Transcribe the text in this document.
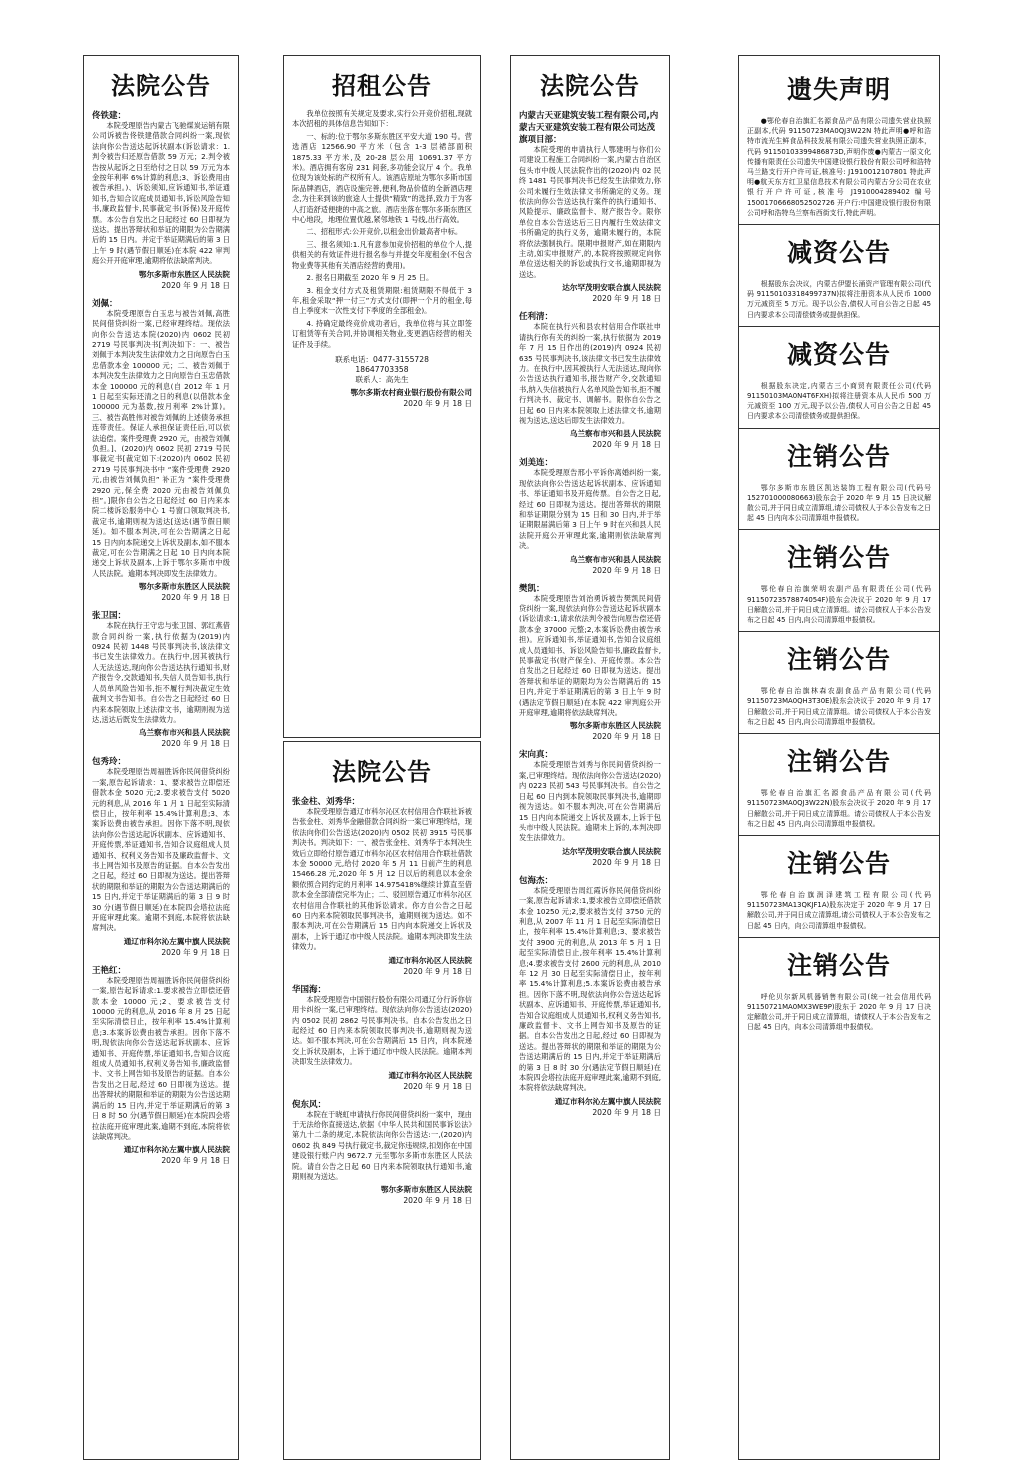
法院公告
佟铁建：
本院受理原告内蒙古飞驰煤炭运销有限公司诉被告佟铁建借款合同纠纷一案,现依法向你公告送达起诉状副本(诉讼请求：1.判令被告归还原告借款 59 万元；2.判令被告按从起诉之日至给付之日以 59 万元为本金按年利率 6%计算的利息;3、诉讼费用由被告承担。)、诉讼须知,应诉通知书,举证通知书,告知合议庭成员通知书,诉讼风险告知书,廉政监督卡,民事裁定书(诉保)及开庭传票。本公告自发出之日起经过 60 日即视为送达。提出答辩状和举证的期限为公告期满后的 15 日内。并定于举证期满后的第 3 日上午 9 时(遇节假日顺延)在本院 422 审判庭公开开庭审理,逾期将依法缺席判决。
鄂尔多斯市东胜区人民法院
2020 年 9 月 18 日
刘佩：
本院受理原告白玉忠与被告刘佩,高胜民间借贷纠纷一案,已经审理终结。现依法向你公告送达本院(2020)内 0602 民初 2719 号民事判决书[判决如下：一、被告刘佩于本判决发生法律效力之日向原告白玉忠借款本金 100000 元；二、被告刘佩于本判决发生法律效力之日向原告白玉忠借款本金 100000 元的利息(自 2012 年 1 月 1 日起至实际还清之日的利息(以借款本金 100000 元为基数,按月利率 2%计算)。三、被告高胜伟对被告刘佩的上述债务承担连带责任。保证人承担保证责任后,可以依法追偿。案件受理费 2920 元，由被告刘佩负担。]、(2020)内 0602 民初 2719 号民事裁定书[裁定如下:(2020)内 0602 民初 2719 号民事判决书中 “案件受理费 2920 元,由被告刘佩负担” 补正为 “案件受理费 2920 元,保全费 2020 元由被告刘佩负担”。]限你自公告之日起经过 60 日内来本院二楼诉讼服务中心 1 号窗口领取判决书,裁定书,逾期则视为送达[送达(遇节假日顺延)。如不服本判决,可在公告期满之日起 15 日内向本院递交上诉状及副本,如不服本裁定,可在公告期满之日起 10 日内向本院递交上诉状及副本,上诉于鄂尔多斯市中级人民法院。逾期本判决即发生法律效力。
鄂尔多斯市东胜区人民法院
2020 年 9 月 18 日
张卫国：
本院在执行王守忠与张卫国、郭红燕借款合同纠纷一案,执行依据为(2019)内 0924 民初 1448 号民事判决书,该法律文书已发生法律效力。在执行中,因其被执行人无法送达,现向你公告送达执行通知书,财产报告令,交款通知书,失信人员告知书,执行人员单风险告知书,拒不履行判决裁定生效裁判文书告知书。自公告之日起经过 60 日内来本院领取上述法律文书，逾期则视为送达,送达后既发生法律效力。
乌兰察布市兴和县人民法院
2020 年 9 月 18 日
包秀玲：
本院受理原告周福胜诉你民间借贷纠纷一案,原告起诉请求：1、要求被告立即偿还借款本金 5020 元;2.要求被告支付 5020 元的利息,从 2016 年 1 月 1 日起至实际清偿日止，按年利率 15.4%计算利息;3、本案诉讼费由被告承担。因你下落不明,现依法向你公告送达起诉状副本、应诉通知书、开庭传票,举证通知书,告知合议庭组成人员通知书、权利义务告知书及廉政监督卡、文书上网告知书及原告的证据。自本公告发出之日起，经过 60 日即视为送达。提出答辩状的期限和举证的期限为公告送达期满后的 15 日内,并定于举证期满后的第 3 日 9 时 30 分(遇节假日顺延)在本院四会塔拉法庭开庭审理此案。逾期不到庭,本院将依法缺席判决。
通辽市科尔沁左翼中旗人民法院
2020 年 9 月 18 日
王艳红：
本院受理原告周福胜诉你民间借贷纠纷一案,原告起诉请求:1.要求被告立即偿还借款本金 10000 元;2、要求被告支付 10000 元的利息,从 2016 年 8 月 25 日起至实际清偿日止，按年利率 15.4%计算利息;3.本案诉讼费由被告承担。因你下落不明,现依法向你公告送达起诉状副本、应诉通知书、开庭传票,举证通知书,告知合议庭组成人员通知书,权利义务告知书,廉政监督卡、文书上网告知书及原告的证据。自本公告发出之日起,经过 60 日即视为送达。提出答辩状的期限和举证的期限为公告送达期满后的 15 日内,并定于举证期满后的第 3 日 8 时 50 分(遇节假日顺延)在本院四会塔拉法庭开庭审理此案,逾期不到庭,本院将依法缺席判决。
通辽市科尔沁左翼中旗人民法院
2020 年 9 月 18 日
招租公告

我单位按照有关规定及要求,实行公开竞价招租,现就本次招租的具体信息告知如下：

一、标的:位于鄂尔多斯东胜区平安大道 190 号。营选酒店 12566.90 平方米（包含 1-3 层裙部面积 1875.33 平方米,及 20-28 层公用 10691.37 平方米)。酒店拥有客房 231 间套,多功能会议厅 4 个。我单位现为该处标的产权所有人。该酒店原址为鄂尔多斯市国际品牌酒店，酒店设施完善,便利,物品价值的全新酒店理念,为往来到该的旅途人士提供“精致”的选择,致力于为客人打造舒适便捷的中高之旅。酒店坐落在鄂尔多斯东胜区中心地段，地理位置优越,紧邻地铁 1 号线,出行高效。

二、招租形式:公开竞价,以租金出价最高者中标。

三、报名须知:1.凡有意参加竞价招租的单位个人,提供相关的有效证件进行报名参与并提交年度租金(不包含物业费等其他有关酒店经营的费用)。

2. 报名日期截至 2020 年 9 月 25 日。

3. 租金支付方式及租赁期限:租赁期限不得低于 3 年,租金采取“押一付三”方式支付(即押一个月的租金,每自上季度末一次性支付下季度的全部租金)。

4. 持确定最终竞价成功者后，我单位将与其立即签订租赁等有关合同,并协调相关物业,变更酒店经营的相关证件及手续。

联系电话：0477-3155728
18647703358
联系人：高先生
鄂尔多斯农村商业银行股份有限公司
2020 年 9 月 18 日
法院公告
张金柱、刘秀华：
本院受理原告通辽市科尔沁区农村信用合作联社诉被告张金柱、刘秀华金融借款合同纠纷一案已审理终结，现依法向你们公告送达(2020)内 0502 民初 3915 号民事判决书。判决如下：一、被告张金柱、刘秀华于本判决生效后立即给付原告通辽市科尔沁区农村信用合作联社借款本金 50000 元,给付 2020 年 5 月 11 日前产生的利息 15466.28 元,2020 年 5 月 12 日以后的利息以本金余额依照合同约定的月利率 14.975418%继续计算直至借款本金全部清偿完毕为止；二、驳回原告通辽市科尔沁区农村信用合作联社的其他诉讼请求。你方自公告之日起 60 日内来本院领取民事判决书，逾期则视为送达。如不服本判决,可在公告期满后 15 日内向本院递交上诉状及副本，上诉于通辽市中级人民法院。逾期本判决即发生法律效力。
通辽市科尔沁区人民法院
2020 年 9 月 18 日
华国海：
本院受理原告中国银行股份有限公司通辽分行诉你信用卡纠纷一案,已审理终结。现依法向你公告送达(2020)内 0502 民初 2862 号民事判决书。自本公告发出之日起经过 60 日内来本院领取民事判决书,逾期则视为送达。如不服本判决,可在公告期满后 15 日内，向本院递交上诉状及副本，上诉于通辽市中级人民法院。逾期本判决即发生法律效力。
通辽市科尔沁区人民法院
2020 年 9 月 18 日
倪东风：
本院在于晓虹申请执行你民间借贷纠纷一案中，现由于无法给你直接送达,依据《中华人民共和国民事诉讼法》第九十二条的规定,本院依法向你公告送达:一,(2020)内 0602 执 849 号执行裁定书,裁定你违规续,扣划你在中国建设银行账户内 9672.7 元至鄂尔多斯市东胜区人民法院。请自公告之日起 60 日内来本院领取执行通知书,逾期则视为送达。
鄂尔多斯市东胜区人民法院
2020 年 9 月 18 日
法院公告
内蒙古天亚建筑安装工程有限公司,内蒙古天亚建筑安装工程有限公司达茂旗项目部：
本院受理的申请执行人鄂建明与你们公司建设工程施工合同纠纷一案,内蒙古自治区包头市中级人民法院作出的(2020)内 02 民终 1481 号民事判决书已经发生法律效力,你公司未履行生效法律文书所确定的义务。现依法向你公告送达执行案件的执行通知书、风险提示、廉政监督卡、财产报告令。限你单位自本公告送达后三日内履行生效法律文书所确定的执行义务，逾期未履行的，本院将依法强制执行。限期申报财产,如在期限内主动,如实申报财产,的,本院将按照规定向你单位送达相关的诉讼或执行文书,逾期即视为送达。
达尔罕茂明安联合旗人民法院
2020 年 9 月 18 日
任利清：
本院在执行兴和县农村信用合作联社申请执行你有关的纠纷一案,执行依据为 2019 年 7 月 15 日作出的(2019)内 0924 民初 635 号民事判决书,该法律文书已发生法律效力。在执行中,因其被执行人无法送达,现向你公告送达执行通知书,报告财产令,交款通知书,纳入失信被执行人名单风险告知书,拒不履行判决书、裁定书、调解书。限你自公告之日起 60 日内来本院领取上述法律文书,逾期视为送达,送达后即发生法律效力。
乌兰察布市兴和县人民法院
2020 年 9 月 18 日
刘美连：
本院受理原告邢小平诉你离婚纠纷一案,现依法向你公告送达起诉状副本、应诉通知书、举证通知书及开庭传票。自公告之日起,经过 60 日即视为送达。提出答辩状的期限和举证期限分别为 15 日和 30 日内,并于举证期限届满后第 3 日上午 9 时在兴和县人民法院开庭公开审理此案,逾期则依法缺席判决。
乌兰察布市兴和县人民法院
2020 年 9 月 18 日
樊凯：
本院受理原告刘治勇诉被告樊凯民间借贷纠纷一案,现依法向你公告送达起诉状副本(诉讼请求:1,请求依法判令被告向原告偿还借款本金 37000 元整;2,本案诉讼费由被告承担)。应诉通知书,举证通知书,告知合议庭组成人员通知书、诉讼风险告知书,廉政监督卡,民事裁定书(财产保全)、开庭传票。本公告自发出之日起经过 60 日即视为送达。提出答辩状和举证的期限均为公告期满后的 15 日内,并定于举证期满后的第 3 日上午 9 时(遇法定节假日顺延)在本院 422 审判庭公开开庭审理,逾期将依法缺席判决。
鄂尔多斯市东胜区人民法院
2020 年 9 月 18 日
宋向真：
本院受理原告刘秀与你民间借贷纠纷一案,已审理终结。现依法向你公告送达(2020)内 0223 民初 543 号民事判决书。自公告之日起 60 日内到本院领取民事判决书,逾期即视为送达。如不服本判决,可在公告期满后 15 日内向本院递交上诉状及副本,上诉于包头市中级人民法院。逾期未上诉的,本判决即发生法律效力。
达尔罕茂明安联合旗人民法院
2020 年 9 月 18 日
包海杰：
本院受理原告周红霞诉你民间借贷纠纷一案,原告起诉请求:1,要求被告立即偿还借款本金 10250 元;2,要求被告支付 3750 元的利息,从 2007 年 11 月 1 日起至实际清偿日止，按年利率 15.4%计算利息;3、要求被告支付 3900 元的利息,从 2013 年 5 月 1 日起至实际清偿日止,按年利率 15.4%计算利息;4.要求被告支付 2600 元的利息,从 2010 年 12 月 30 日起至实际清偿日止，按年利率 15.4%计算利息;5.本案诉讼费由被告承担。因你下落不明,现依法向你公告送达起诉状副本、应诉通知书、开庭传票,举证通知书,告知合议庭组成人员通知书,权利义务告知书,廉政监督卡、文书上网告知书及原告的证据。自本公告发出之日起,经过 60 日即视为送达。提出答辩状的期限和举证的期限为公告送达期满后的 15 日内,并定于举证期满后的第 3 日 8 时 30 分(遇法定节假日顺延)在本院四会塔拉法庭开庭审理此案,逾期不到庭,本院将依法缺席判决。
通辽市科尔沁左翼中旗人民法院
2020 年 9 月 18 日
遗失声明
●鄂伦春自治旗汇名源食品产品有限公司遗失营业执照正副本,代码 91150723MA0QJ3W22N 特此声明●呼和浩特市流光生鲜食品科技发展有限公司遗失营业执照正副本，代码 91150103399486873D,声明作废●内蒙古一原文化传播有限责任公司遗失中国建设银行股份有限公司呼和浩特马兰路支行开户许可证,核准号: J1910012107801 特此声明●航天东方红卫星信息技术有限公司内蒙古分公司在农业银行开户许可证,核准号 J1910004289402 编号 15001706668052502726 开户行:中国建设银行股份有限公司呼和浩特乌兰察布西街支行,特此声明。
减资公告
根据股东会决议，内蒙古伊盟长涌资产管理有限公司(代码 91150103318499737N)拟将注册资本从人民币 1000 万元减资至 5 万元。现予以公告,债权人可自公告之日起 45 日内要求本公司清偿债务或提供担保。
减资公告
根据股东决定,内蒙古三小商贸有限责任公司(代码 91150103MA0N4T6FXH)拟将注册资本从人民币 500 万元减资至 100 万元,现予以公告,债权人可自公告之日起 45 日内要求本公司清偿债务或提供担保。
注销公告
鄂尔多斯市东胜区凯达装饰工程有限公司(代码号 152701000080663)股东会于 2020 年 9 月 15 日决议解散公司,并于同日成立清算组,请公司债权人于本公告发布之日起 45 日内向本公司清算组申报债权。
注销公告
鄂伦春自治旗荣明农副产品有限责任公司(代码 91150723578874054F)股东会决议于 2020 年 9 月 17 日解散公司,并于同日成立清算组。请公司债权人于本公告发布之日起 45 日内,向公司清算组申报债权。
注销公告
鄂伦春自治旗林森农副食品产品有限公司(代码 91150723MA0QH3T30E)股东会决议于 2020 年 9 月 17 日解散公司,并于同日成立清算组。请公司债权人于本公告发布之日起 45 日内,向公司清算组申报债权。
注销公告
鄂伦春自治旗汇名源食品产品有限公司(代码 91150723MA0QJ3W22N)股东会决议于 2020 年 9 月 17 日解散公司,并于同日成立清算组。请公司债权人于本公告发布之日起 45 日内,向公司清算组申报债权。
注销公告
鄂伦春自治旗润泽建筑工程有限公司(代码 91150723MA13QKJF1A)股东决定于 2020 年 9 月 17 日解散公司,并于同日成立清算组,请公司债权人于本公告发布之日起 45 日内，向公司清算组申报债权。
注销公告
呼伦贝尔新风机器销售有限公司(统一社会信用代码 91150721MA0MX3WE9P)股东于 2020 年 9 月 17 日决定解散公司,并于同日成立清算组，请债权人于本公告发布之日起 45 日内，向本公司清算组申报债权。
